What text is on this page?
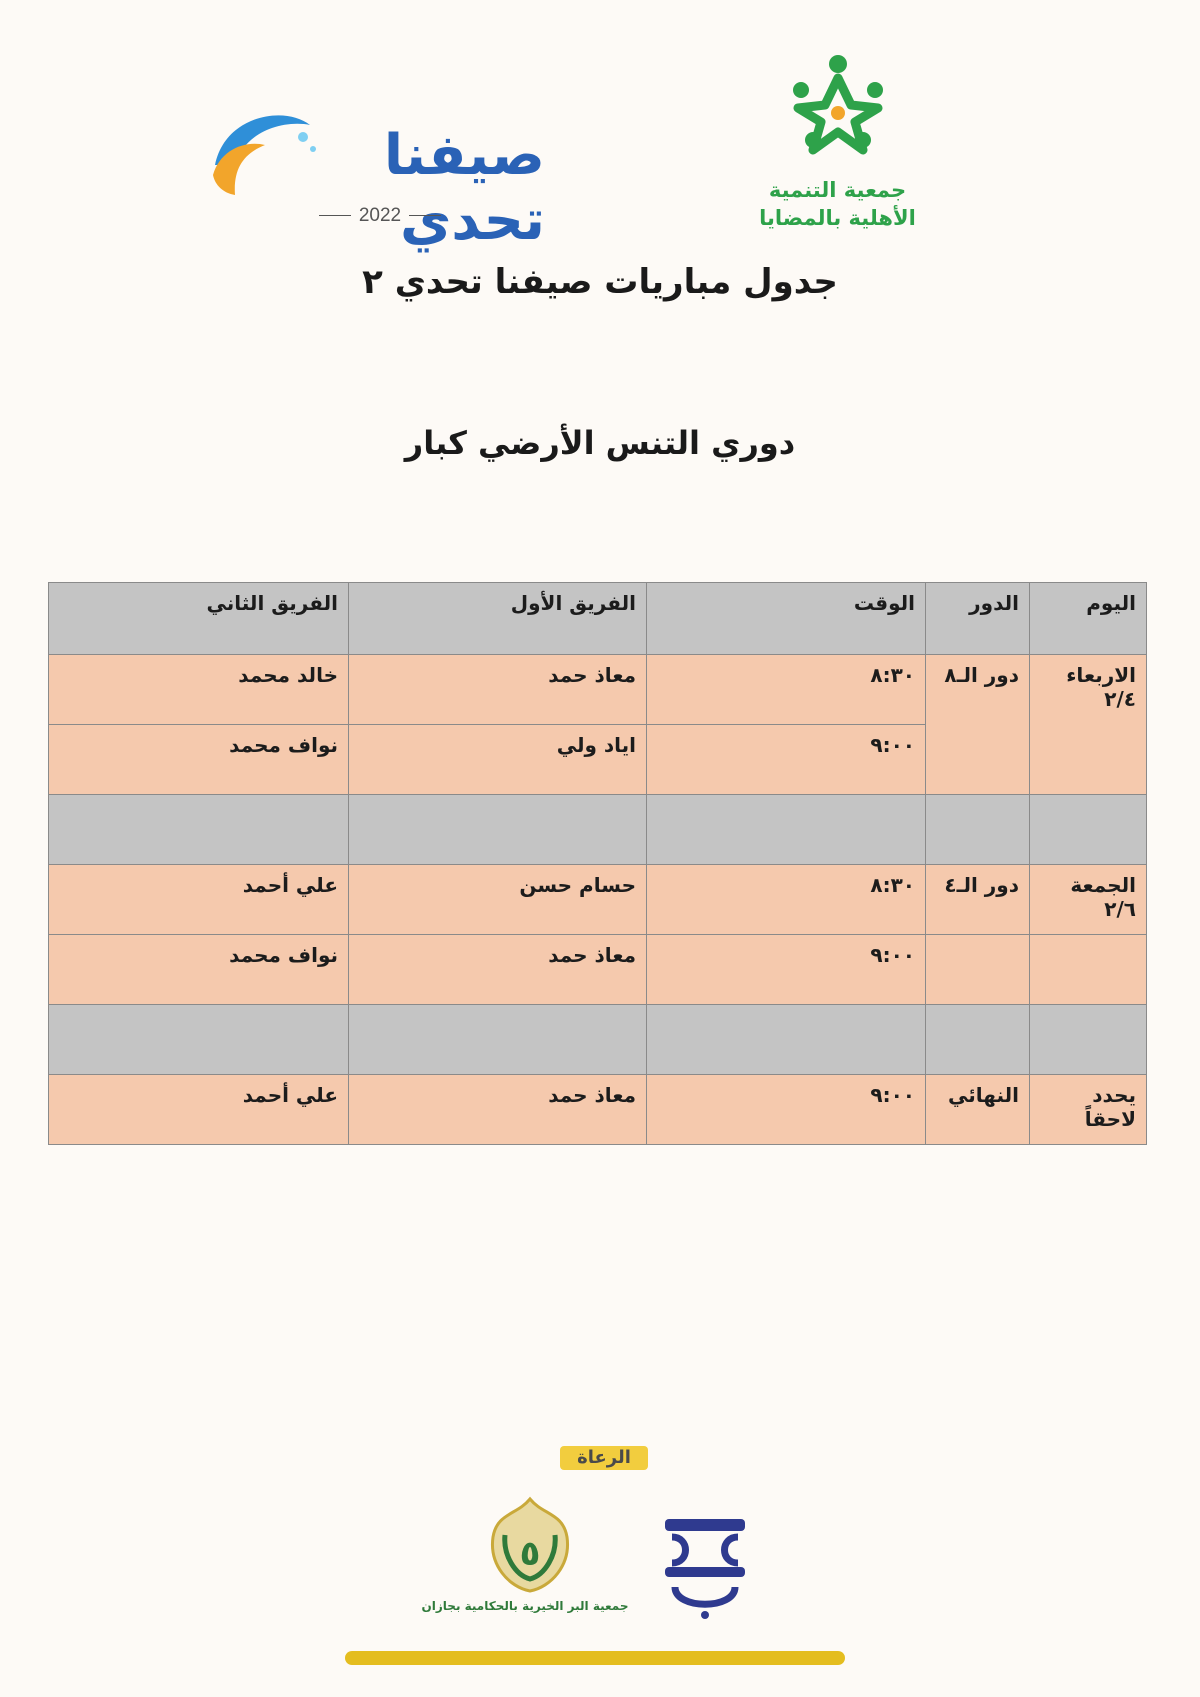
صيفنا تحدي
2022
جمعية التنمية
الأهلية بالمضايا
جدول مباريات صيفنا تحدي ٢
دوري التنس الأرضي كبار
اليوم	الدور	الوقت	الفريق الأول	الفريق الثاني
الاربعاء ٢/٤	دور الـ٨	٨:٣٠	معاذ حمد	خالد محمد
		٩:٠٠	اياد ولي	نواف محمد

الجمعة ٢/٦	دور الـ٤	٨:٣٠	حسام حسن	علي أحمد
		٩:٠٠	معاذ حمد	نواف محمد

يحدد لاحقاً	النهائي	٩:٠٠	معاذ حمد	علي أحمد
الرعاة
٥
جمعية البر الخيرية بالحكامية بجازان
